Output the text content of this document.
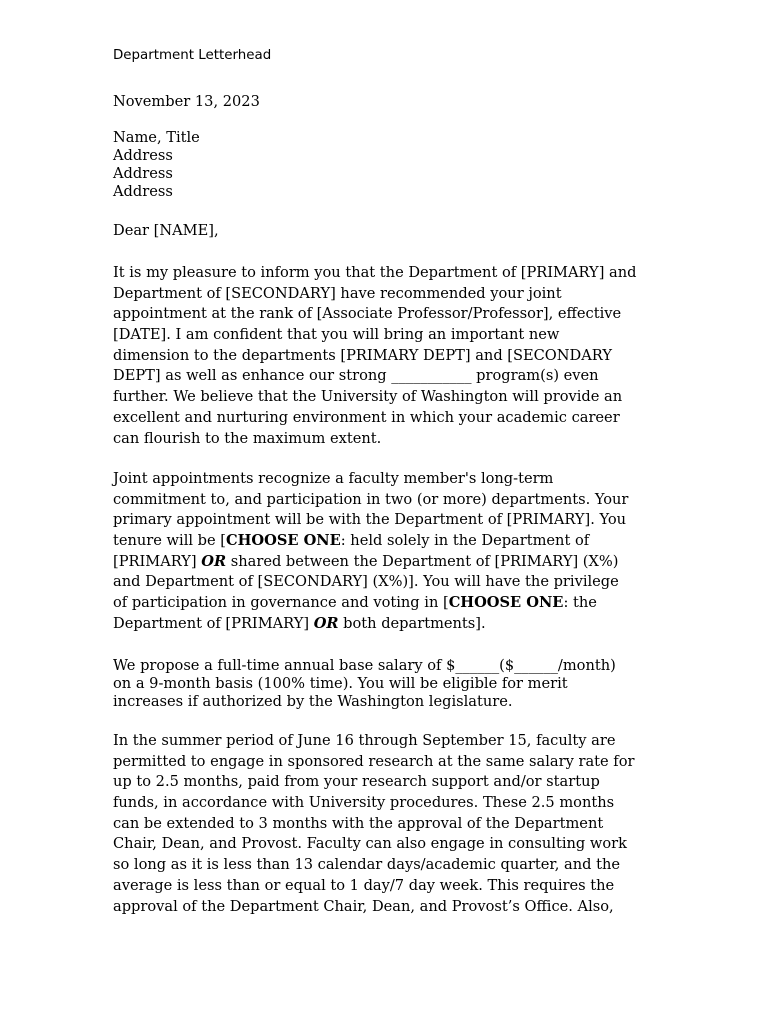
Department Letterhead
November 13, 2023
Name, Title
Address
Address
Address
Dear [NAME],
It is my pleasure to inform you that the Department of [PRIMARY] and
Department of [SECONDARY] have recommended your joint
appointment at the rank of [Associate Professor/Professor], effective
[DATE]. I am confident that you will bring an important new
dimension to the departments [PRIMARY DEPT] and [SECONDARY
DEPT] as well as enhance our strong ___________ program(s) even
further. We believe that the University of Washington will provide an
excellent and nurturing environment in which your academic career
can flourish to the maximum extent.
Joint appointments recognize a faculty member's long-term
commitment to, and participation in two (or more) departments. Your
primary appointment will be with the Department of [PRIMARY]. You
tenure will be [CHOOSE ONE: held solely in the Department of
[PRIMARY] OR shared between the Department of [PRIMARY] (X%)
and Department of [SECONDARY] (X%)]. You will have the privilege
of participation in governance and voting in [CHOOSE ONE: the
Department of [PRIMARY] OR both departments].
We propose a full-time annual base salary of $______($______/month)
on a 9-month basis (100% time). You will be eligible for merit
increases if authorized by the Washington legislature.
In the summer period of June 16 through September 15, faculty are
permitted to engage in sponsored research at the same salary rate for
up to 2.5 months, paid from your research support and/or startup
funds, in accordance with University procedures. These 2.5 months
can be extended to 3 months with the approval of the Department
Chair, Dean, and Provost. Faculty can also engage in consulting work
so long as it is less than 13 calendar days/academic quarter, and the
average is less than or equal to 1 day/7 day week. This requires the
approval of the Department Chair, Dean, and Provost’s Office. Also,
